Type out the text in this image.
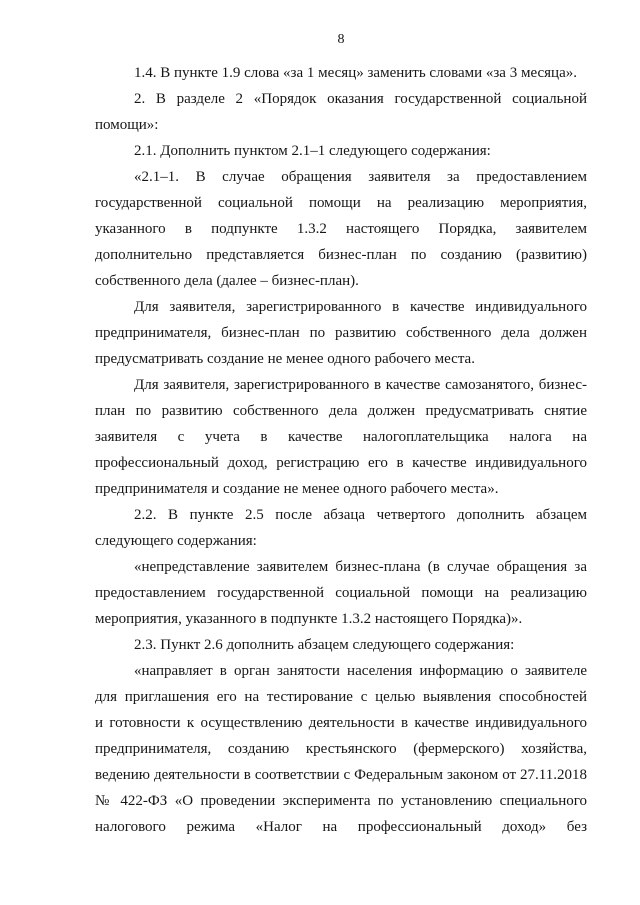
8
1.4. В пункте 1.9 слова «за 1 месяц» заменить словами «за 3 месяца».
2. В разделе 2 «Порядок оказания государственной социальной
помощи»:
2.1. Дополнить пунктом 2.1–1 следующего содержания:
«2.1–1. В случае обращения заявителя за предоставлением
государственной социальной помощи на реализацию мероприятия,
указанного в подпункте 1.3.2 настоящего Порядка, заявителем
дополнительно представляется бизнес-план по созданию (развитию)
собственного дела (далее – бизнес-план).
Для заявителя, зарегистрированного в качестве индивидуального
предпринимателя, бизнес-план по развитию собственного дела должен
предусматривать создание не менее одного рабочего места.
Для заявителя, зарегистрированного в качестве самозанятого, бизнес-
план по развитию собственного дела должен предусматривать снятие
заявителя с учета в качестве налогоплательщика налога на
профессиональный доход, регистрацию его в качестве индивидуального
предпринимателя и создание не менее одного рабочего места».
2.2. В пункте 2.5 после абзаца четвертого дополнить абзацем
следующего содержания:
«непредставление заявителем бизнес-плана (в случае обращения за
предоставлением государственной социальной помощи на реализацию
мероприятия, указанного в подпункте 1.3.2 настоящего Порядка)».
2.3. Пункт 2.6 дополнить абзацем следующего содержания:
«направляет в орган занятости населения информацию о заявителе
для приглашения его на тестирование с целью выявления способностей
и готовности к осуществлению деятельности в качестве индивидуального
предпринимателя, созданию крестьянского (фермерского) хозяйства,
ведению деятельности в соответствии с Федеральным законом от 27.11.2018
№ 422-ФЗ «О проведении эксперимента по установлению специального
налогового режима «Налог на профессиональный доход» без
